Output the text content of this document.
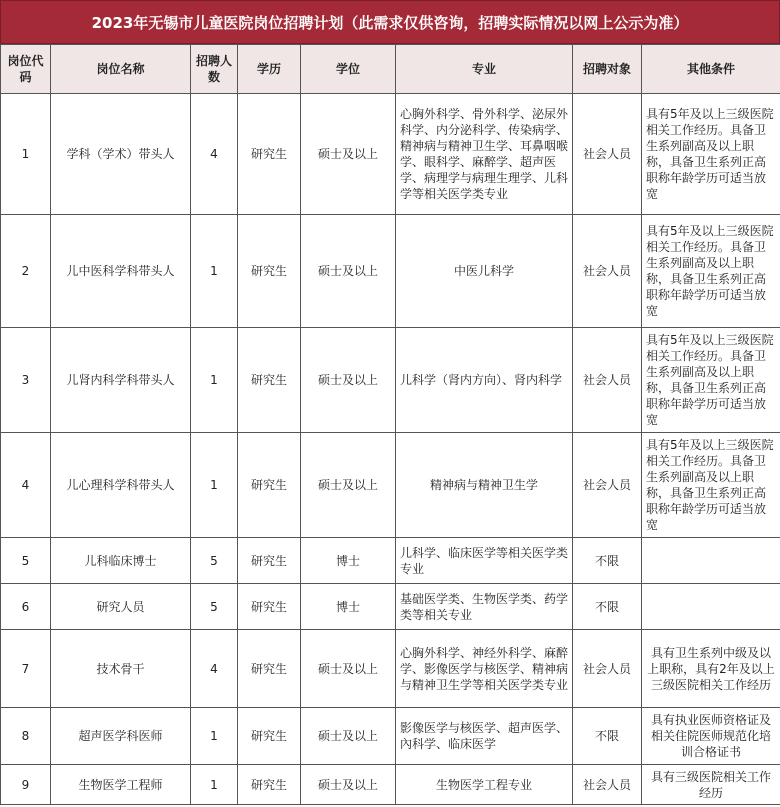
2023年无锡市儿童医院岗位招聘计划（此需求仅供咨询，招聘实际情况以网上公示为准）
岗位代码	岗位名称	招聘人数	学历	学位	专业	招聘对象	其他条件
1	学科（学术）带头人	4	研究生	硕士及以上	心胸外科学、骨外科学、泌尿外科学、内分泌科学、传染病学、精神病与精神卫生学、耳鼻咽喉学、眼科学、麻醉学、超声医学、病理学与病理生理学、儿科学等相关医学类专业	社会人员	具有5年及以上三级医院相关工作经历。具备卫生系列副高及以上职称，具备卫生系列正高职称年龄学历可适当放宽
2	儿中医科学科带头人	1	研究生	硕士及以上	中医儿科学	社会人员	具有5年及以上三级医院相关工作经历。具备卫生系列副高及以上职称，具备卫生系列正高职称年龄学历可适当放宽
3	儿肾内科学科带头人	1	研究生	硕士及以上	儿科学（肾内方向）、肾内科学	社会人员	具有5年及以上三级医院相关工作经历。具备卫生系列副高及以上职称，具备卫生系列正高职称年龄学历可适当放宽
4	儿心理科学科带头人	1	研究生	硕士及以上	精神病与精神卫生学	社会人员	具有5年及以上三级医院相关工作经历。具备卫生系列副高及以上职称，具备卫生系列正高职称年龄学历可适当放宽
5	儿科临床博士	5	研究生	博士	儿科学、临床医学等相关医学类专业	不限	
6	研究人员	5	研究生	博士	基础医学类、生物医学类、药学类等相关专业	不限	
7	技术骨干	4	研究生	硕士及以上	心胸外科学、神经外科学、麻醉学、影像医学与核医学、精神病与精神卫生学等相关医学类专业	社会人员	具有卫生系列中级及以上职称，具有2年及以上三级医院相关工作经历
8	超声医学科医师	1	研究生	硕士及以上	影像医学与核医学、超声医学、內科学、临床医学	不限	具有执业医师资格证及相关住院医师规范化培训合格证书
9	生物医学工程师	1	研究生	硕士及以上	生物医学工程专业	社会人员	具有三级医院相关工作经历
